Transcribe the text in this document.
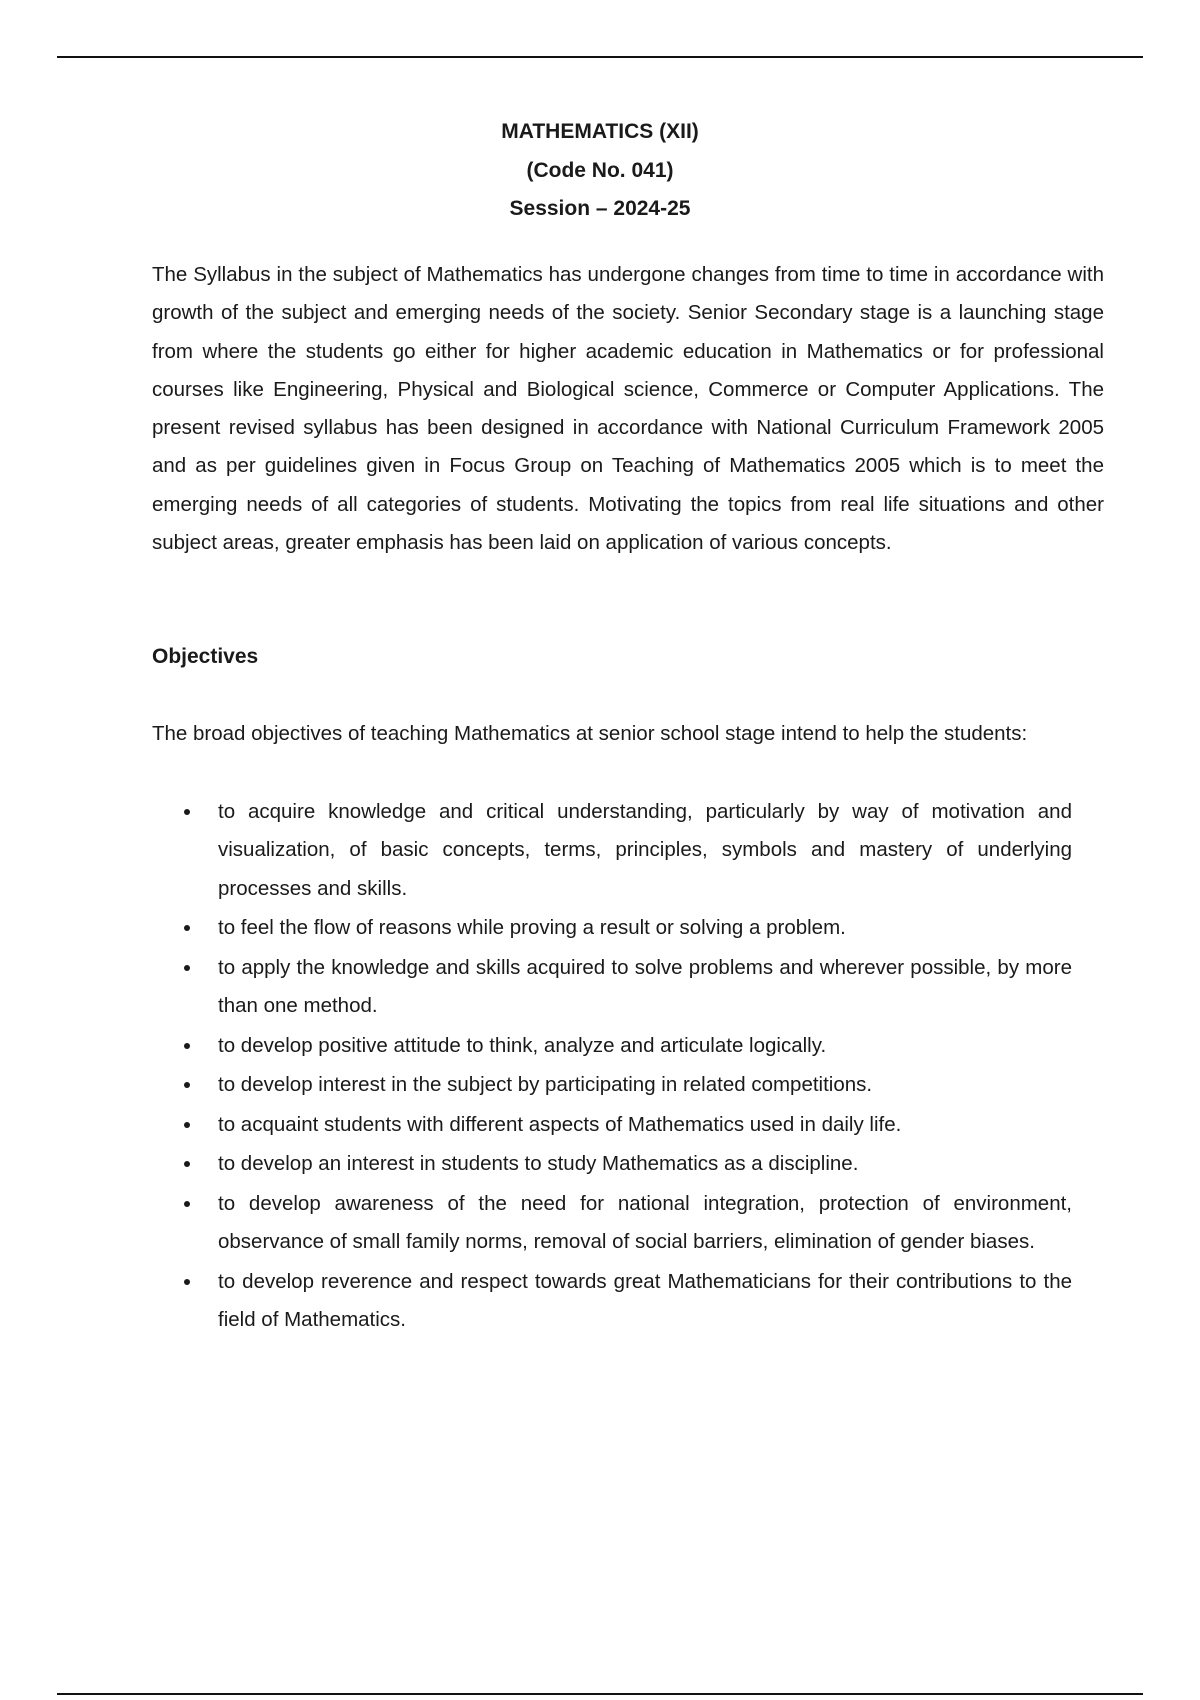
MATHEMATICS (XII)
(Code No. 041)
Session – 2024-25

The Syllabus in the subject of Mathematics has undergone changes from time to time in accordance with growth of the subject and emerging needs of the society. Senior Secondary stage is a launching stage from where the students go either for higher academic education in Mathematics or for professional courses like Engineering, Physical and Biological science, Commerce or Computer Applications. The present revised syllabus has been designed in accordance with National Curriculum Framework 2005 and as per guidelines given in Focus Group on Teaching of Mathematics 2005 which is to meet the emerging needs of all categories of students. Motivating the topics from real life situations and other subject areas, greater emphasis has been laid on application of various concepts.

Objectives

The broad objectives of teaching Mathematics at senior school stage intend to help the students:

to acquire knowledge and critical understanding, particularly by way of motivation and visualization, of basic concepts, terms, principles, symbols and mastery of underlying processes and skills.
to feel the flow of reasons while proving a result or solving a problem.
to apply the knowledge and skills acquired to solve problems and wherever possible, by more than one method.
to develop positive attitude to think, analyze and articulate logically.
to develop interest in the subject by participating in related competitions.
to acquaint students with different aspects of Mathematics used in daily life.
to develop an interest in students to study Mathematics as a discipline.
to develop awareness of the need for national integration, protection of environment, observance of small family norms, removal of social barriers, elimination of gender biases.
to develop reverence and respect towards great Mathematicians for their contributions to the field of Mathematics.
